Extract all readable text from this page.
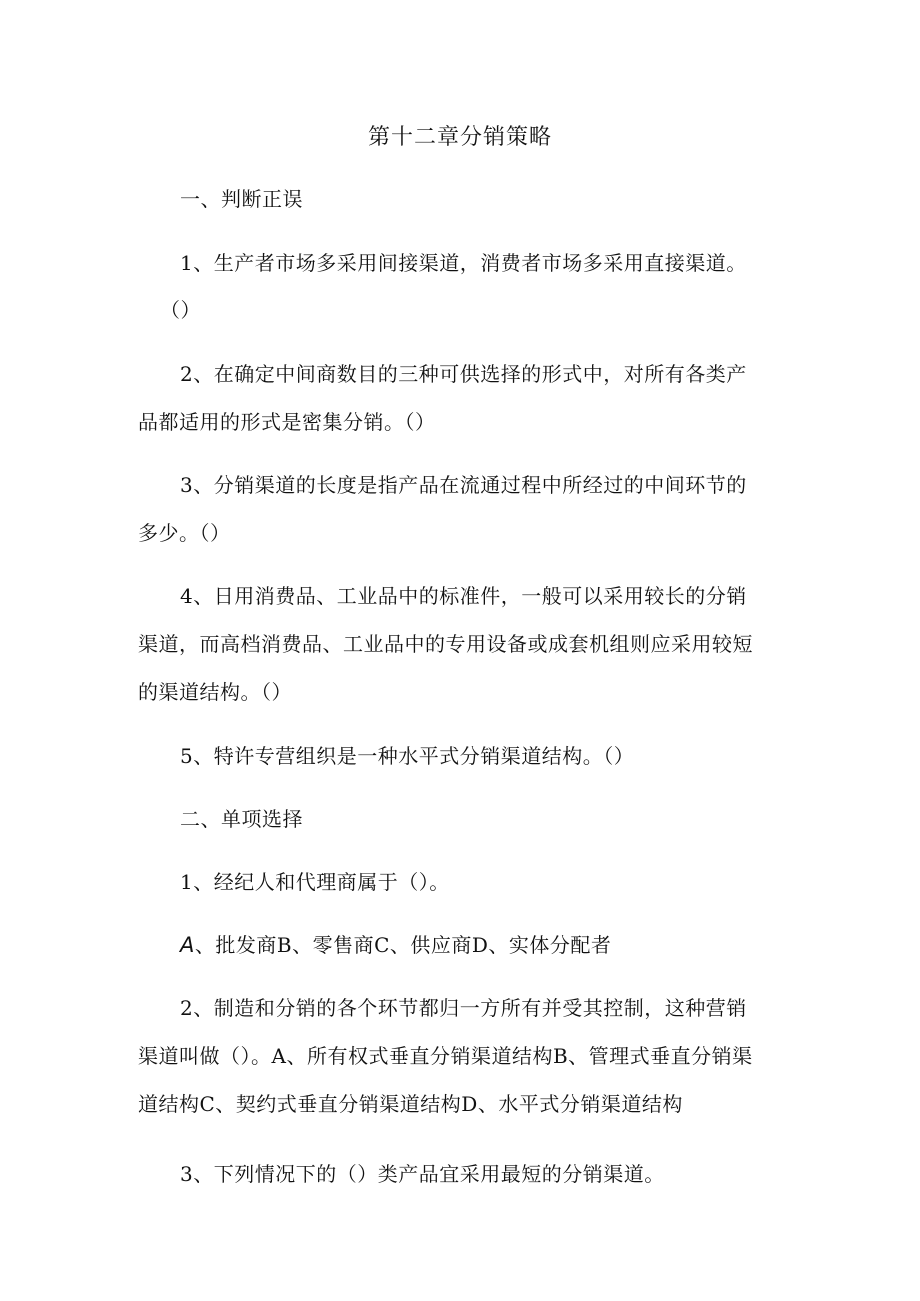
第十二章分销策略
一、判断正误
1、生产者市场多采用间接渠道，消费者市场多采用直接渠道。
（）
2、在确定中间商数目的三种可供选择的形式中，对所有各类产
品都适用的形式是密集分销。（）
3、分销渠道的长度是指产品在流通过程中所经过的中间环节的
多少。（）
4、日用消费品、工业品中的标准件，一般可以采用较长的分销
渠道，而高档消费品、工业品中的专用设备或成套机组则应采用较短
的渠道结构。（）
5、特许专营组织是一种水平式分销渠道结构。（）
二、单项选择
1、经纪人和代理商属于（）。
A、批发商B、零售商C、供应商D、实体分配者
2、制造和分销的各个环节都归一方所有并受其控制，这种营销
渠道叫做（）。A、所有权式垂直分销渠道结构B、管理式垂直分销渠
道结构C、契约式垂直分销渠道结构D、水平式分销渠道结构
3、下列情况下的（）类产品宜采用最短的分销渠道。
